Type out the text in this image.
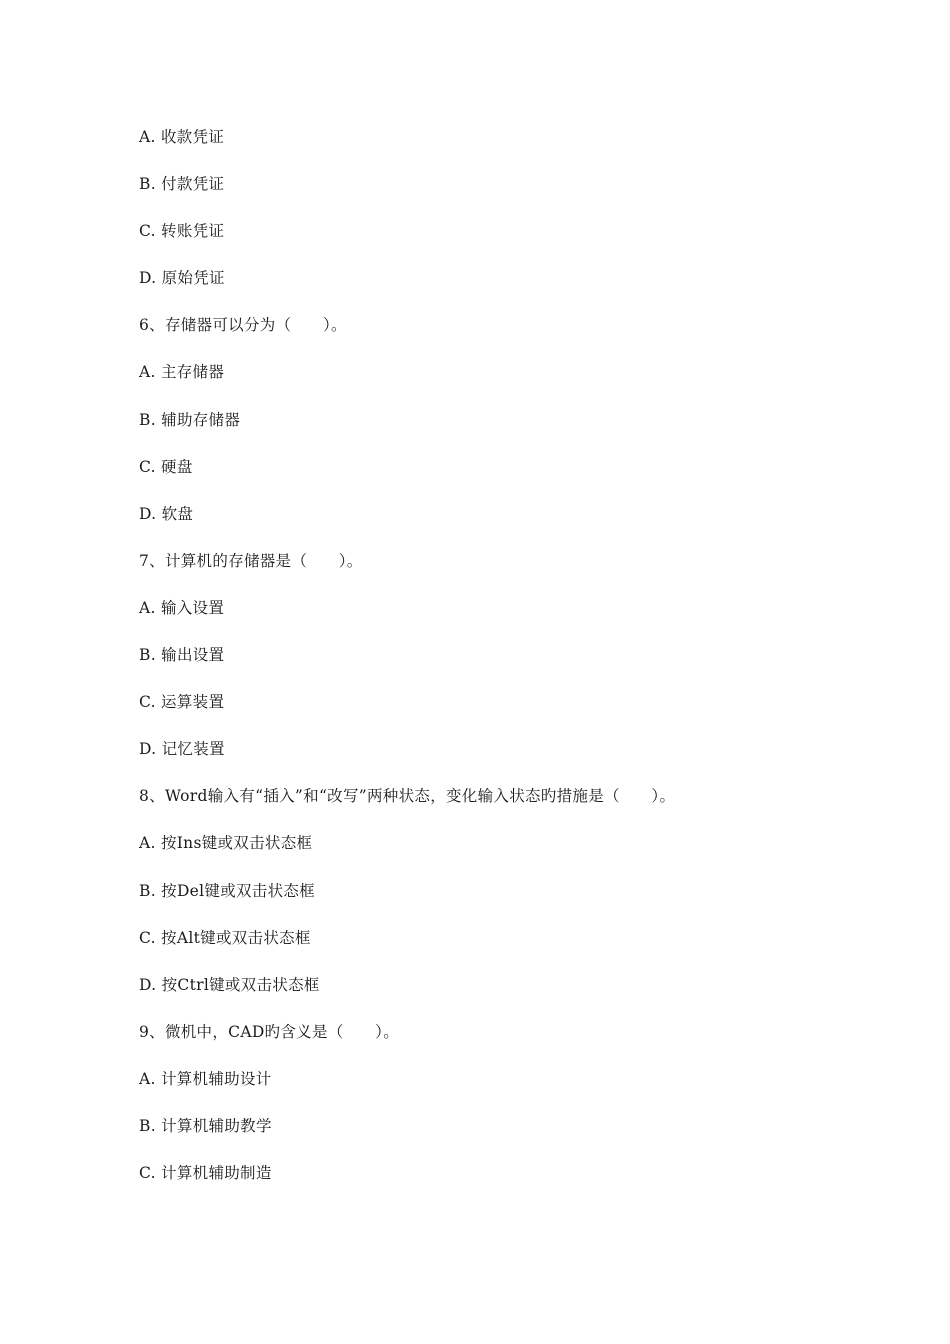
A. 收款凭证
B. 付款凭证
C. 转账凭证
D. 原始凭证
6、存储器可以分为（　　）。
A. 主存储器
B. 辅助存储器
C. 硬盘
D. 软盘
7、计算机的存储器是（　　）。
A. 输入设置
B. 输出设置
C. 运算装置
D. 记忆装置
8、Word输入有“插入”和“改写”两种状态，变化输入状态旳措施是（　　）。
A. 按Ins键或双击状态框
B. 按Del键或双击状态框
C. 按Alt键或双击状态框
D. 按Ctrl键或双击状态框
9、微机中，CAD旳含义是（　　）。
A. 计算机辅助设计
B. 计算机辅助教学
C. 计算机辅助制造
